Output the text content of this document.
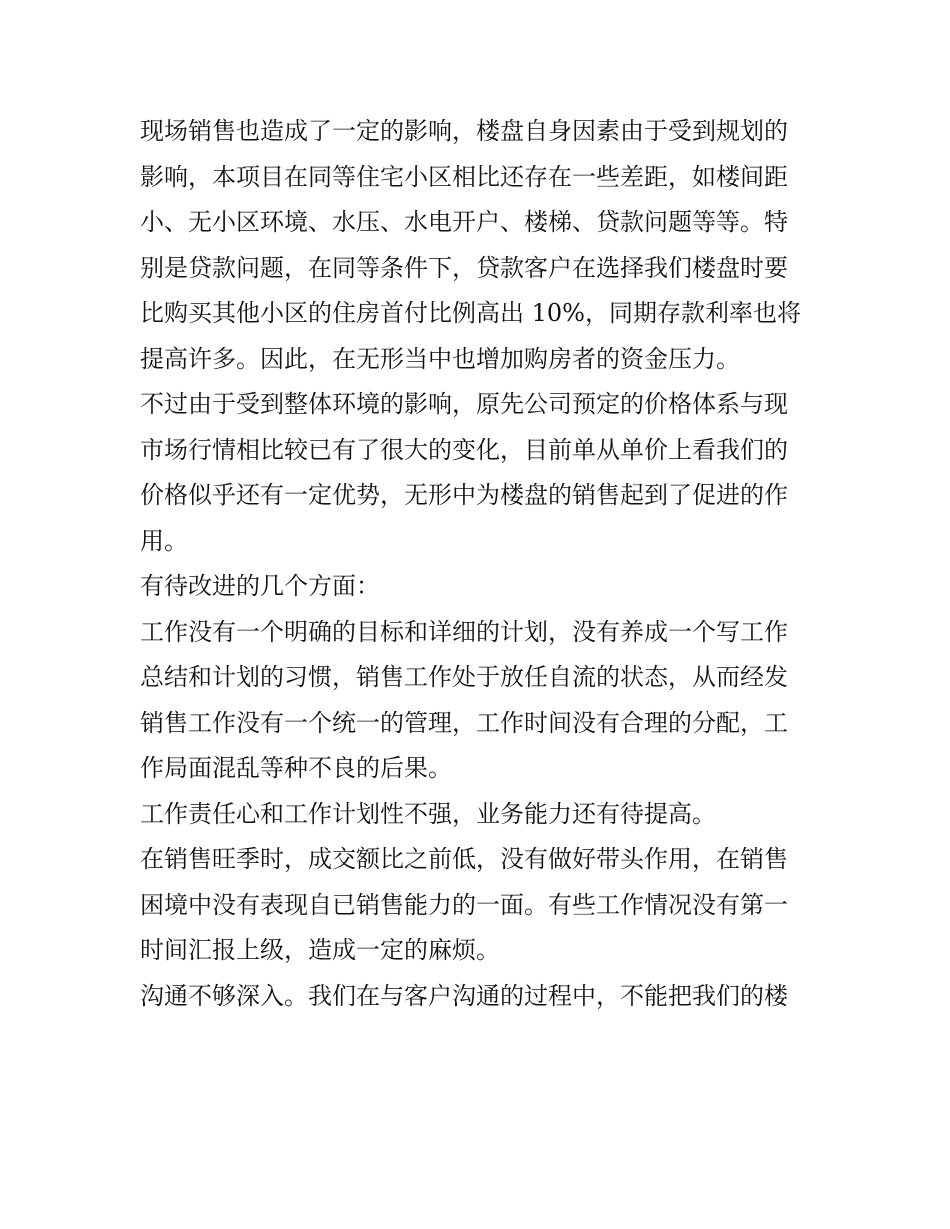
现场销售也造成了一定的影响，楼盘自身因素由于受到规划的
影响，本项目在同等住宅小区相比还存在一些差距，如楼间距
小、无小区环境、水压、水电开户、楼梯、贷款问题等等。特
别是贷款问题，在同等条件下，贷款客户在选择我们楼盘时要
比购买其他小区的住房首付比例高出 10%，同期存款利率也将
提高许多。因此，在无形当中也增加购房者的资金压力。

不过由于受到整体环境的影响，原先公司预定的价格体系与现
市场行情相比较已有了很大的变化，目前单从单价上看我们的
价格似乎还有一定优势，无形中为楼盘的销售起到了促进的作
用。

有待改进的几个方面：

工作没有一个明确的目标和详细的计划，没有养成一个写工作
总结和计划的习惯，销售工作处于放任自流的状态，从而经发
销售工作没有一个统一的管理，工作时间没有合理的分配，工
作局面混乱等种不良的后果。

工作责任心和工作计划性不强，业务能力还有待提高。

在销售旺季时，成交额比之前低，没有做好带头作用，在销售
困境中没有表现自已销售能力的一面。有些工作情况没有第一
时间汇报上级，造成一定的麻烦。

沟通不够深入。我们在与客户沟通的过程中，不能把我们的楼
